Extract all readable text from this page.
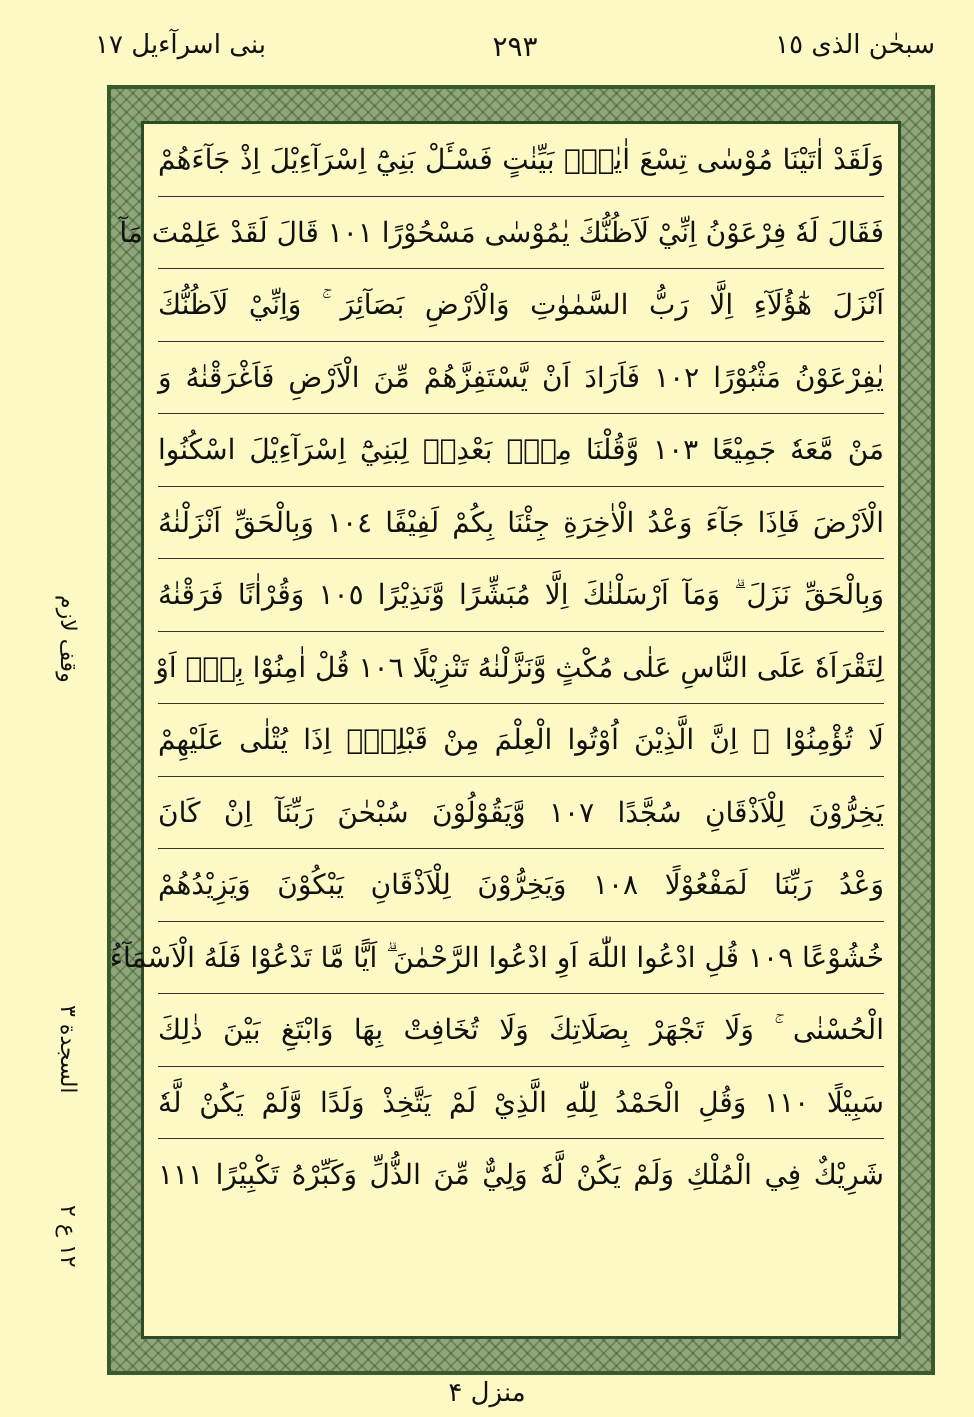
سبحٰن الذی ١٥
٢٩٣
بنی اسرآءیل ١٧
وقف لازم
السجدة ٣
١٢ ع ٢
وَلَقَدْ اٰتَيْنَا مُوْسٰى تِسْعَ اٰيٰتٍۢ بَيِّنٰتٍ فَسْـَٔلْ بَنِيْٓ اِسْرَآءِيْلَ اِذْ جَآءَهُمْ
فَقَالَ لَهٗ فِرْعَوْنُ اِنِّيْ لَاَظُنُّكَ يٰمُوْسٰى مَسْحُوْرًا ١٠١ قَالَ لَقَدْ عَلِمْتَ مَآ
اَنْزَلَ هٰٓؤُلَآءِ اِلَّا رَبُّ السَّمٰوٰتِ وَالْاَرْضِ بَصَآئِرَ ۚ وَاِنِّيْ لَاَظُنُّكَ
يٰفِرْعَوْنُ مَثْبُوْرًا ١٠٢ فَاَرَادَ اَنْ يَّسْتَفِزَّهُمْ مِّنَ الْاَرْضِ فَاَغْرَقْنٰهُ وَ
مَنْ مَّعَهٗ جَمِيْعًا ١٠٣ وَّقُلْنَا مِنْۢ بَعْدِهٖ لِبَنِيْٓ اِسْرَآءِيْلَ اسْكُنُوا
الْاَرْضَ فَاِذَا جَآءَ وَعْدُ الْاٰخِرَةِ جِئْنَا بِكُمْ لَفِيْفًا ١٠٤ وَبِالْحَقِّ اَنْزَلْنٰهُ
وَبِالْحَقِّ نَزَلَ ۗ وَمَآ اَرْسَلْنٰكَ اِلَّا مُبَشِّرًا وَّنَذِيْرًا ١٠٥ وَقُرْاٰنًا فَرَقْنٰهُ
لِتَقْرَاَهٗ عَلَى النَّاسِ عَلٰى مُكْثٍ وَّنَزَّلْنٰهُ تَنْزِيْلًا ١٠٦ قُلْ اٰمِنُوْا بِهٖٓ اَوْ
لَا تُؤْمِنُوْا ۗ اِنَّ الَّذِيْنَ اُوْتُوا الْعِلْمَ مِنْ قَبْلِهٖٓ اِذَا يُتْلٰى عَلَيْهِمْ
يَخِرُّوْنَ لِلْاَذْقَانِ سُجَّدًا ١٠٧ وَّيَقُوْلُوْنَ سُبْحٰنَ رَبِّنَآ اِنْ كَانَ
وَعْدُ رَبِّنَا لَمَفْعُوْلًا ١٠٨ وَيَخِرُّوْنَ لِلْاَذْقَانِ يَبْكُوْنَ وَيَزِيْدُهُمْ
خُشُوْعًا ١٠٩ قُلِ ادْعُوا اللّٰهَ اَوِ ادْعُوا الرَّحْمٰنَ ۗ اَيًّا مَّا تَدْعُوْا فَلَهُ الْاَسْمَآءُ
الْحُسْنٰى ۚ وَلَا تَجْهَرْ بِصَلَاتِكَ وَلَا تُخَافِتْ بِهَا وَابْتَغِ بَيْنَ ذٰلِكَ
سَبِيْلًا ١١٠ وَقُلِ الْحَمْدُ لِلّٰهِ الَّذِيْ لَمْ يَتَّخِذْ وَلَدًا وَّلَمْ يَكُنْ لَّهٗ
شَرِيْكٌ فِي الْمُلْكِ وَلَمْ يَكُنْ لَّهٗ وَلِيٌّ مِّنَ الذُّلِّ وَكَبِّرْهُ تَكْبِيْرًا ١١١
منزل ۴
